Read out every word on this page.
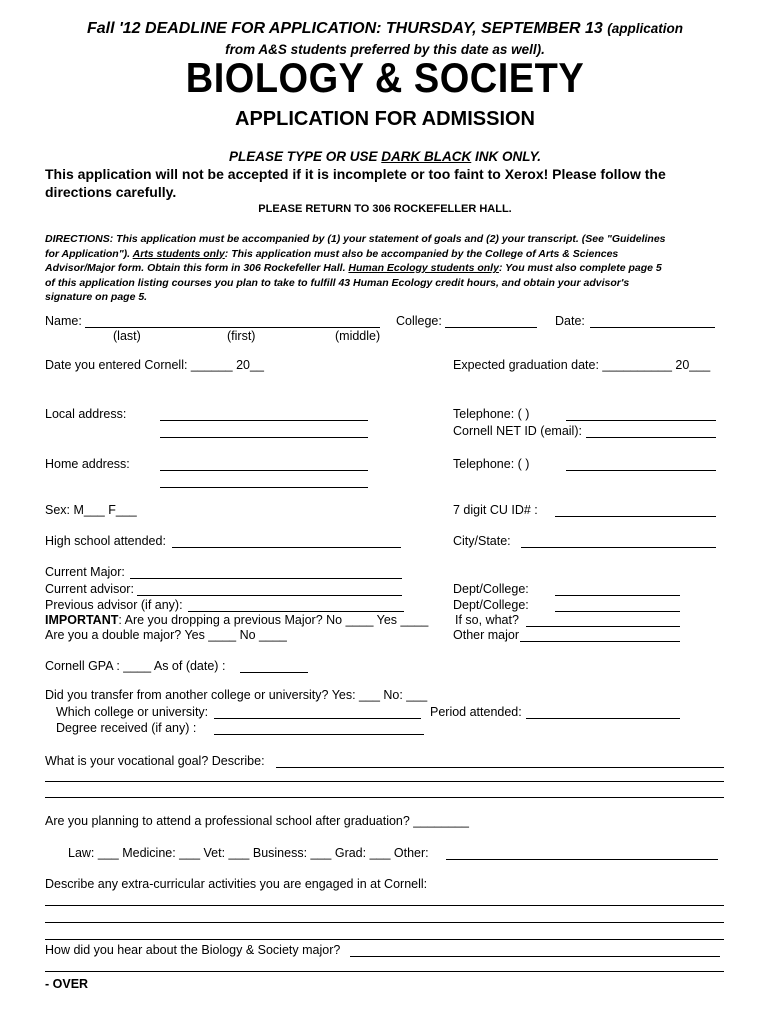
Fall '12 DEADLINE FOR APPLICATION: THURSDAY, SEPTEMBER 13 (application
from A&S students preferred by this date as well).
BIOLOGY & SOCIETY
APPLICATION FOR ADMISSION
PLEASE TYPE OR USE DARK BLACK INK ONLY.
This application will not be accepted if it is incomplete or too faint to Xerox! Please follow the
directions carefully.
PLEASE RETURN TO 306 ROCKEFELLER HALL.
DIRECTIONS: This application must be accompanied by (1) your statement of goals and (2) your transcript. (See "Guidelines
for Application"). Arts students only: This application must also be accompanied by the College of Arts & Sciences
Advisor/Major form. Obtain this form in 306 Rockefeller Hall. Human Ecology students only: You must also complete page 5
of this application listing courses you plan to take to fulfill 43 Human Ecology credit hours, and obtain your advisor's
signature on page 5.
Name:	College:	Date:
(last)	(first)	(middle)
Date you entered Cornell: ______ 20__	Expected graduation date: __________ 20___
Local address:	Telephone: ( )
Cornell NET ID (email):
Home address:	Telephone: ( )
Sex: M___ F___	7 digit CU ID# :
High school attended:	City/State:
Current Major:
Current advisor:	Dept/College:
Previous advisor (if any):	Dept/College:
IMPORTANT: Are you dropping a previous Major? No ____ Yes ____ If so, what?
Are you a double major? Yes ____ No ____	Other major
Cornell GPA : ____ As of (date) :
Did you transfer from another college or university? Yes: ___ No: ___
Which college or university:	Period attended:
Degree received (if any) :
What is your vocational goal? Describe:
Are you planning to attend a professional school after graduation? ________
Law: ___ Medicine: ___ Vet: ___ Business: ___ Grad: ___ Other:
Describe any extra-curricular activities you are engaged in at Cornell:
How did you hear about the Biology & Society major?
- OVER
